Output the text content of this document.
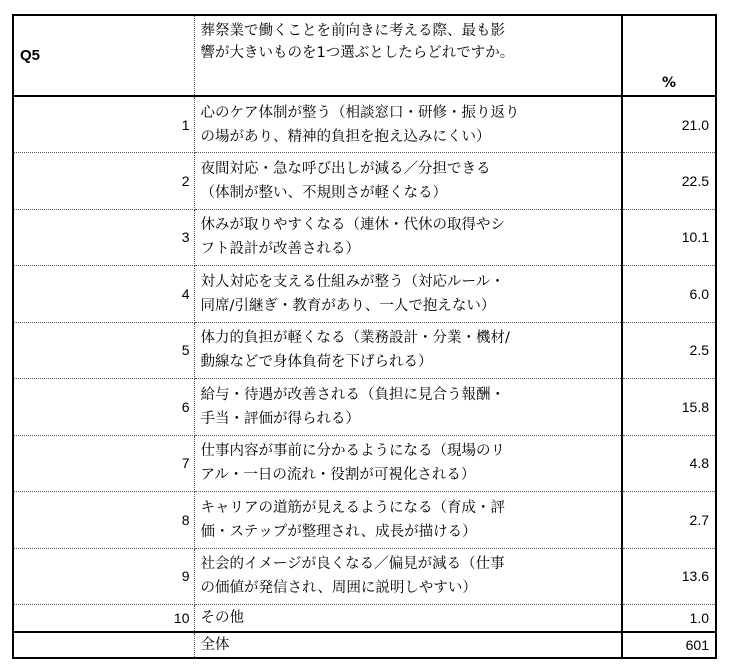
Q5	葬祭業で働くことを前向きに考える際、最も影
響が大きいものを1つ選ぶとしたらどれですか。	%
1	心のケア体制が整う（相談窓口・研修・振り返り
の場があり、精神的負担を抱え込みにくい）	21.0
2	夜間対応・急な呼び出しが減る／分担できる
（体制が整い、不規則さが軽くなる）	22.5
3	休みが取りやすくなる（連休・代休の取得やシ
フト設計が改善される）	10.1
4	対人対応を支える仕組みが整う（対応ルール・
同席/引継ぎ・教育があり、一人で抱えない）	6.0
5	体力的負担が軽くなる（業務設計・分業・機材/
動線などで身体負荷を下げられる）	2.5
6	給与・待遇が改善される（負担に見合う報酬・
手当・評価が得られる）	15.8
7	仕事内容が事前に分かるようになる（現場のリ
アル・一日の流れ・役割が可視化される）	4.8
8	キャリアの道筋が見えるようになる（育成・評
価・ステップが整理され、成長が描ける）	2.7
9	社会的イメージが良くなる／偏見が減る（仕事
の価値が発信され、周囲に説明しやすい）	13.6
10	その他	1.0
	全体	601
